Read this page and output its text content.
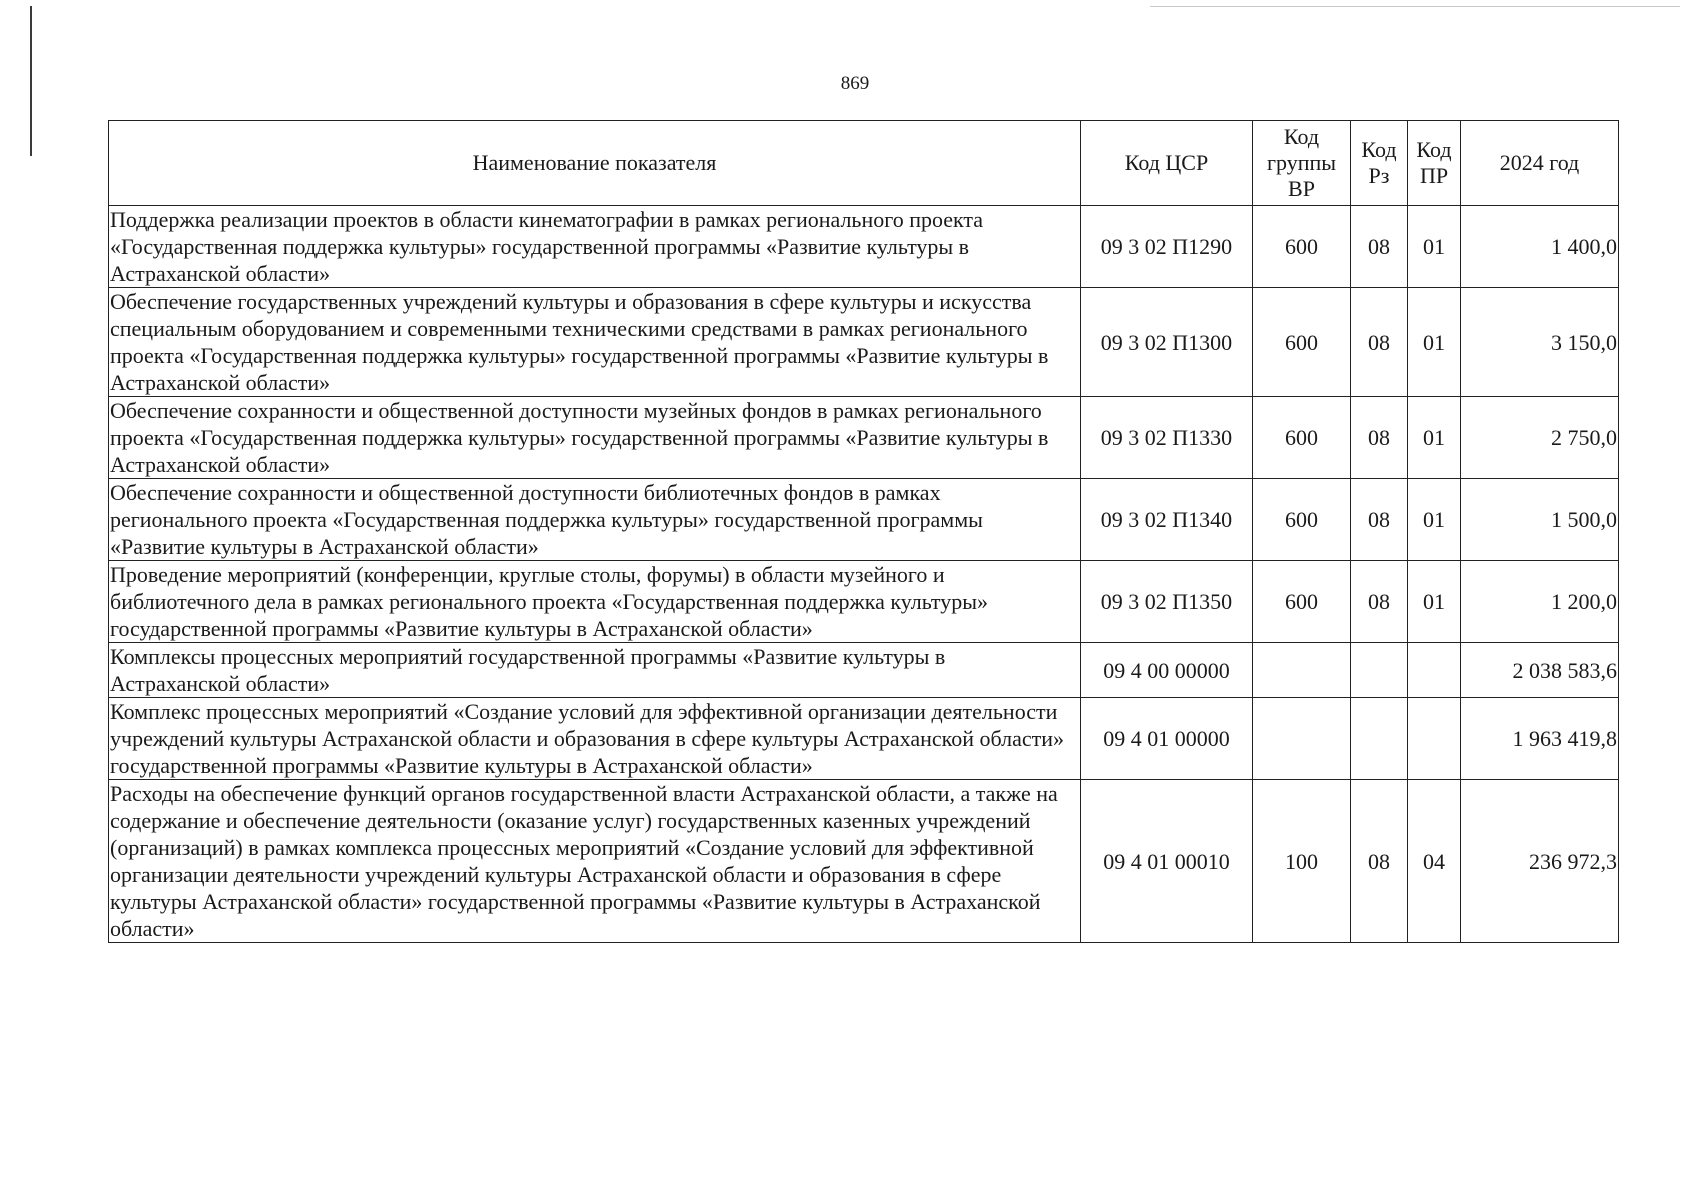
869
Наименование показателя	Код ЦСР	Код группы ВР	Код Рз	Код ПР	2024 год
Поддержка реализации проектов в области кинематографии в рамках регионального проекта «Государственная поддержка культуры» государственной программы «Развитие культуры в Астраханской области»	09 3 02 П1290	600	08	01	1 400,0
Обеспечение государственных учреждений культуры и образования в сфере культуры и искусства специальным оборудованием и современными техническими средствами в рамках регионального проекта «Государственная поддержка культуры» государственной программы «Развитие культуры в Астраханской области»	09 3 02 П1300	600	08	01	3 150,0
Обеспечение сохранности и общественной доступности музейных фондов в рамках регионального проекта «Государственная поддержка культуры» государственной программы «Развитие культуры в Астраханской области»	09 3 02 П1330	600	08	01	2 750,0
Обеспечение сохранности и общественной доступности библиотечных фондов в рамках регионального проекта «Государственная поддержка культуры» государственной программы «Развитие культуры в Астраханской области»	09 3 02 П1340	600	08	01	1 500,0
Проведение мероприятий (конференции, круглые столы, форумы) в области музейного и библиотечного дела в рамках регионального проекта «Государственная поддержка культуры» государственной программы «Развитие культуры в Астраханской области»	09 3 02 П1350	600	08	01	1 200,0
Комплексы процессных мероприятий государственной программы «Развитие культуры в Астраханской области»	09 4 00 00000				2 038 583,6
Комплекс процессных мероприятий «Создание условий для эффективной организации деятельности учреждений культуры Астраханской области и образования в сфере культуры Астраханской области» государственной программы «Развитие культуры в Астраханской области»	09 4 01 00000				1 963 419,8
Расходы на обеспечение функций органов государственной власти Астраханской области, а также на содержание и обеспечение деятельности (оказание услуг) государственных казенных учреждений (организаций) в рамках комплекса процессных мероприятий «Создание условий для эффективной организации деятельности учреждений культуры Астраханской области и образования в сфере культуры Астраханской области» государственной программы «Развитие культуры в Астраханской области»	09 4 01 00010	100	08	04	236 972,3
